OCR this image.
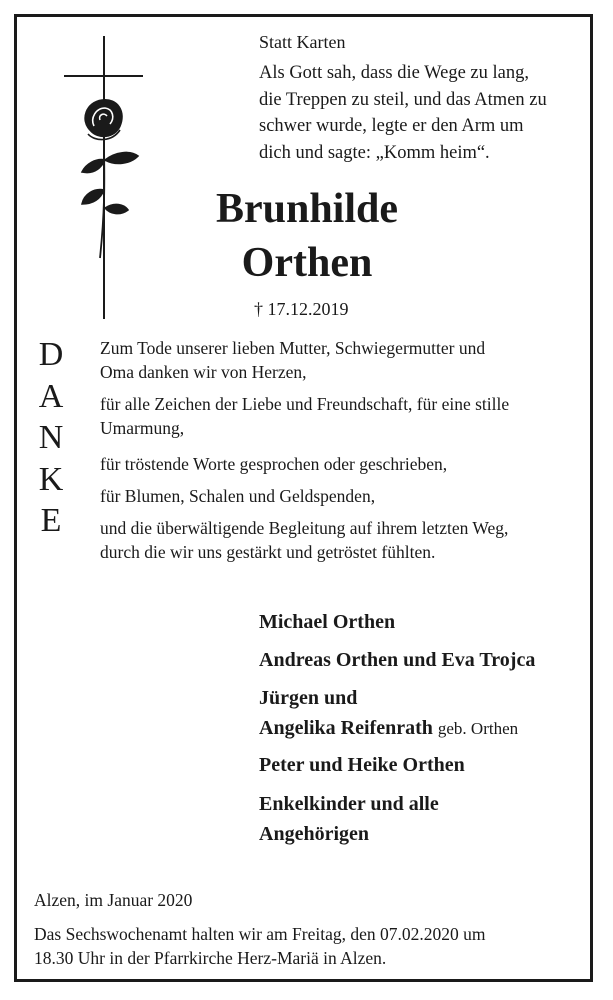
Statt Karten
Als Gott sah, dass die Wege zu lang,
die Treppen zu steil, und das Atmen zu
schwer wurde, legte er den Arm um
dich und sagte: „Komm heim“.
Brunhilde
Orthen
† 17.12.2019
D
A
N
K
E
Zum Tode unserer lieben Mutter, Schwiegermutter und
Oma danken wir von Herzen,
für alle Zeichen der Liebe und Freundschaft, für eine stille
Umarmung,
für tröstende Worte gesprochen oder geschrieben,
für Blumen, Schalen und Geldspenden,
und die überwältigende Begleitung auf ihrem letzten Weg,
durch die wir uns gestärkt und getröstet fühlten.
Michael Orthen
Andreas Orthen und Eva Trojca
Jürgen und
Angelika Reifenrath geb. Orthen
Peter und Heike Orthen
Enkelkinder und alle
Angehörigen
Alzen, im Januar 2020
Das Sechswochenamt halten wir am Freitag, den 07.02.2020 um
18.30 Uhr in der Pfarrkirche Herz-Mariä in Alzen.
